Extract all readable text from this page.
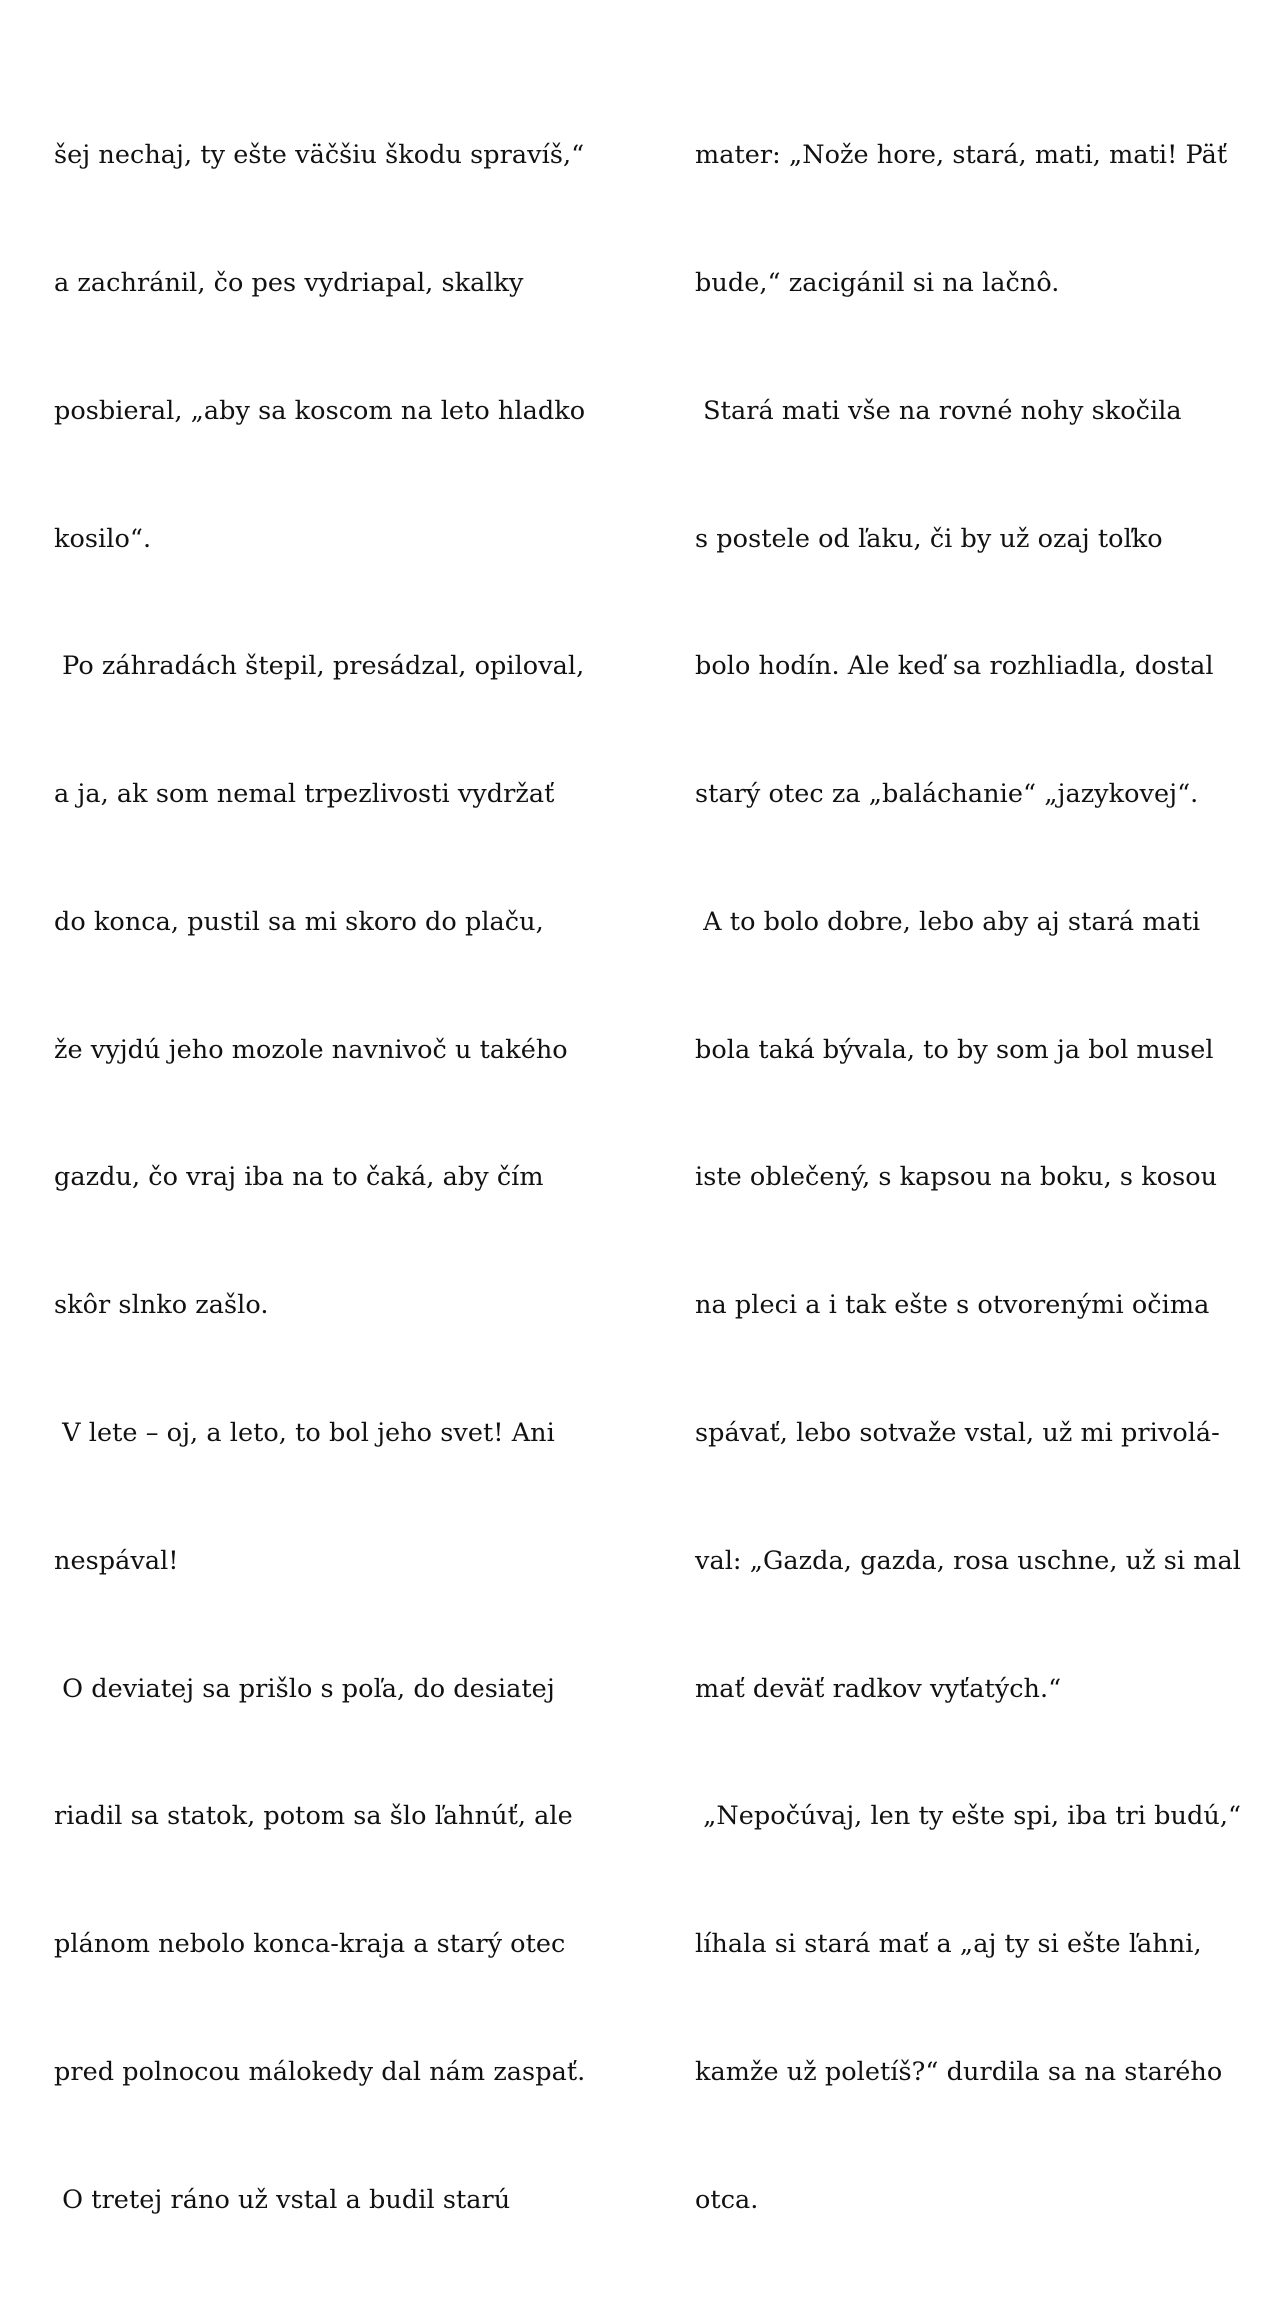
šej nechaj, ty ešte väčšiu škodu spravíš,“

a zachránil, čo pes vydriapal, skalky

posbieral, „aby sa koscom na leto hladko

kosilo“.

Po záhradách štepil, presádzal, opiloval,

a ja, ak som nemal trpezlivosti vydržať

do konca, pustil sa mi skoro do plaču,

že vyjdú jeho mozole navnivoč u takého

gazdu, čo vraj iba na to čaká, aby čím

skôr slnko zašlo.

V lete – oj, a leto, to bol jeho svet! Ani

nespával!

O deviatej sa prišlo s poľa, do desiatej

riadil sa statok, potom sa šlo ľahnúť, ale

plánom nebolo konca-kraja a starý otec

pred polnocou málokedy dal nám zaspať.

O tretej ráno už vstal a budil starú

mater: „Nože hore, stará, mati, mati! Päť

bude,“ zacigánil si na lačnô.

Stará mati vše na rovné nohy skočila

s postele od ľaku, či by už ozaj toľko

bolo hodín. Ale keď sa rozhliadla, dostal

starý otec za „baláchanie“ „jazykovej“.

A to bolo dobre, lebo aby aj stará mati

bola taká bývala, to by som ja bol musel

iste oblečený, s kapsou na boku, s kosou

na pleci a i tak ešte s otvorenými očima

spávať, lebo sotvaže vstal, už mi privolá-

val: „Gazda, gazda, rosa uschne, už si mal

mať deväť radkov vyťatých.“

„Nepočúvaj, len ty ešte spi, iba tri budú,“

líhala si stará mať a „aj ty si ešte ľahni,

kamže už poletíš?“ durdila sa na starého

otca.
